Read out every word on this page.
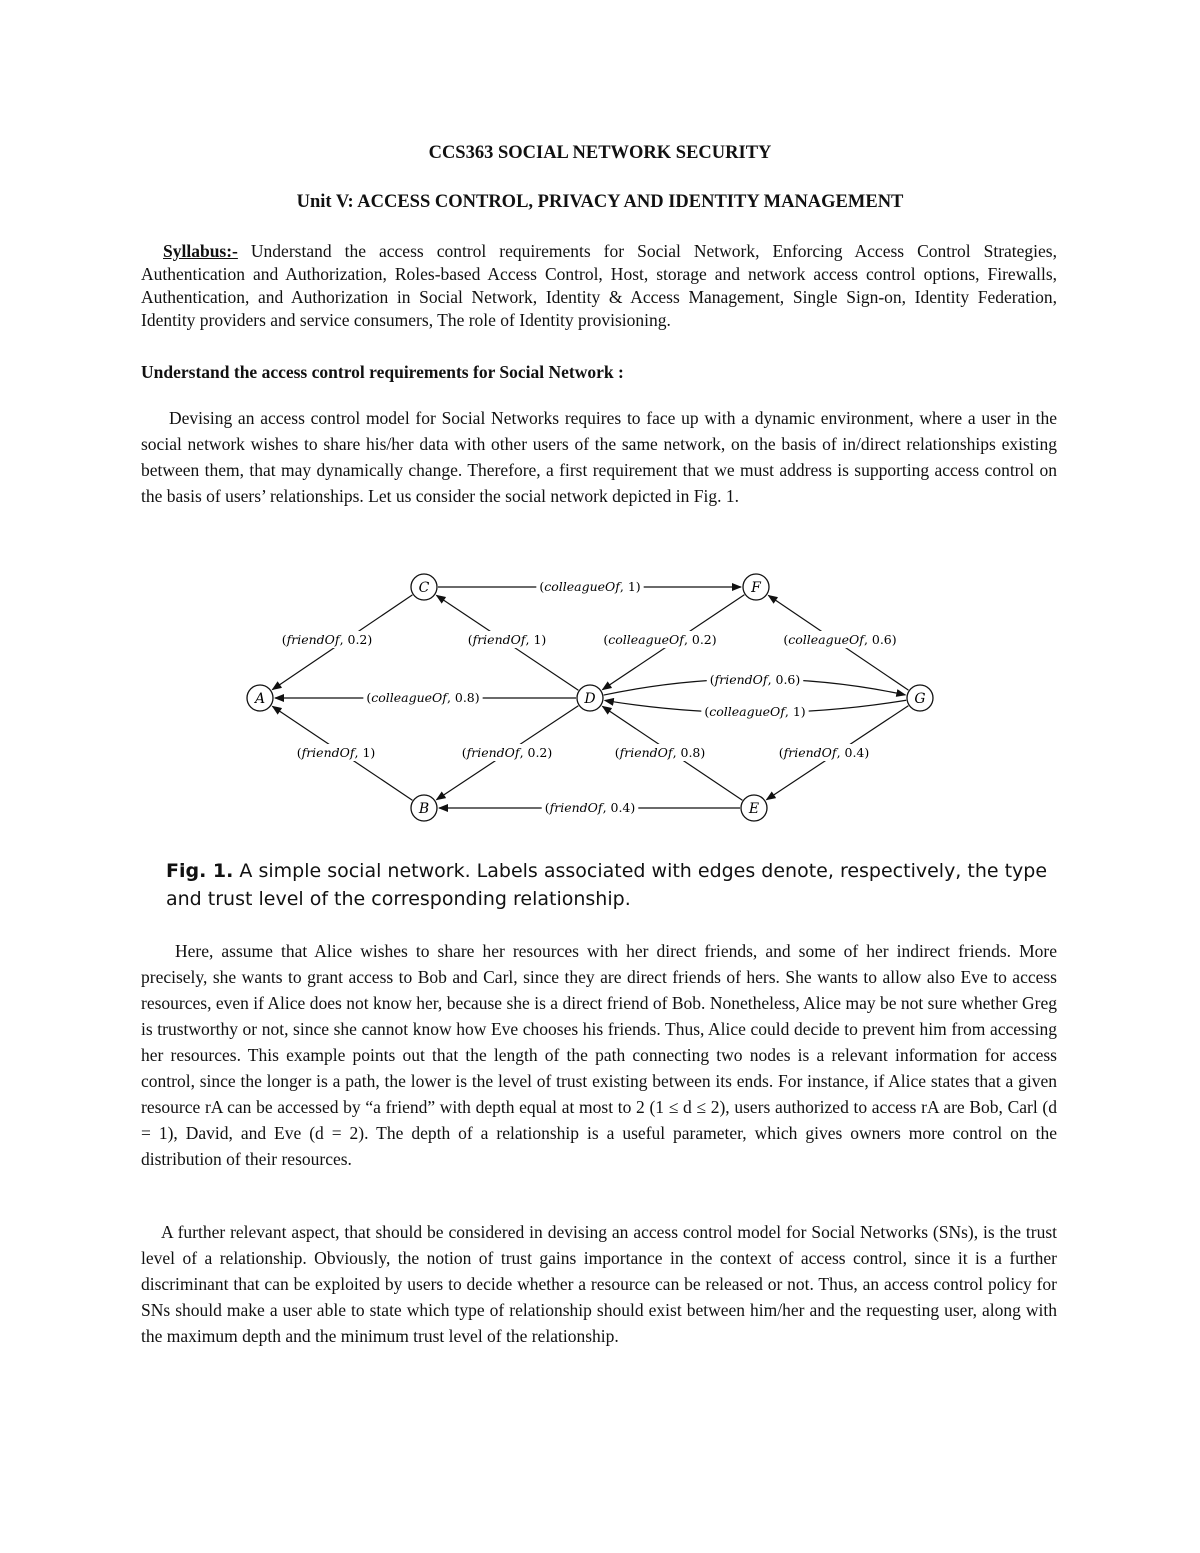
CCS363 SOCIAL NETWORK SECURITY
Unit V: ACCESS CONTROL, PRIVACY AND IDENTITY MANAGEMENT

Syllabus:- Understand the access control requirements for Social Network, Enforcing Access Control Strategies, Authentication and Authorization, Roles-based Access Control, Host, storage and network access control options, Firewalls, Authentication, and Authorization in Social Network, Identity & Access Management, Single Sign-on, Identity Federation, Identity providers and service consumers, The role of Identity provisioning.

Understand the access control requirements for Social Network :

Devising an access control model for Social Networks requires to face up with a dynamic environment, where a user in the social network wishes to share his/her data with other users of the same network, on the basis of in/direct relationships existing between them, that may dynamically change. Therefore, a first requirement that we must address is supporting access control on the basis of users’ relationships. Let us consider the social network depicted in Fig. 1.

(colleagueOf, 1)
(friendOf, 0.2)	(friendOf, 1)	(colleagueOf, 0.2)	(colleagueOf, 0.6)
(colleagueOf, 0.8)
(friendOf, 0.6)
(colleagueOf, 1)
(friendOf, 1)	(friendOf, 0.2)	(friendOf, 0.8)	(friendOf, 0.4)
(friendOf, 0.4)
A
B
C
D
E
F
G

Fig. 1. A simple social network. Labels associated with edges denote, respectively, the type and trust level of the corresponding relationship.

Here, assume that Alice wishes to share her resources with her direct friends, and some of her indirect friends. More precisely, she wants to grant access to Bob and Carl, since they are direct friends of hers. She wants to allow also Eve to access resources, even if Alice does not know her, because she is a direct friend of Bob. Nonetheless, Alice may be not sure whether Greg is trustworthy or not, since she cannot know how Eve chooses his friends. Thus, Alice could decide to prevent him from accessing her resources. This example points out that the length of the path connecting two nodes is a relevant information for access control, since the longer is a path, the lower is the level of trust existing between its ends. For instance, if Alice states that a given resource rA can be accessed by “a friend” with depth equal at most to 2 (1 ≤ d ≤ 2), users authorized to access rA are Bob, Carl (d = 1), David, and Eve (d = 2). The depth of a relationship is a useful parameter, which gives owners more control on the distribution of their resources.

A further relevant aspect, that should be considered in devising an access control model for Social Networks (SNs), is the trust level of a relationship. Obviously, the notion of trust gains importance in the context of access control, since it is a further discriminant that can be exploited by users to decide whether a resource can be released or not. Thus, an access control policy for SNs should make a user able to state which type of relationship should exist between him/her and the requesting user, along with the maximum depth and the minimum trust level of the relationship.
